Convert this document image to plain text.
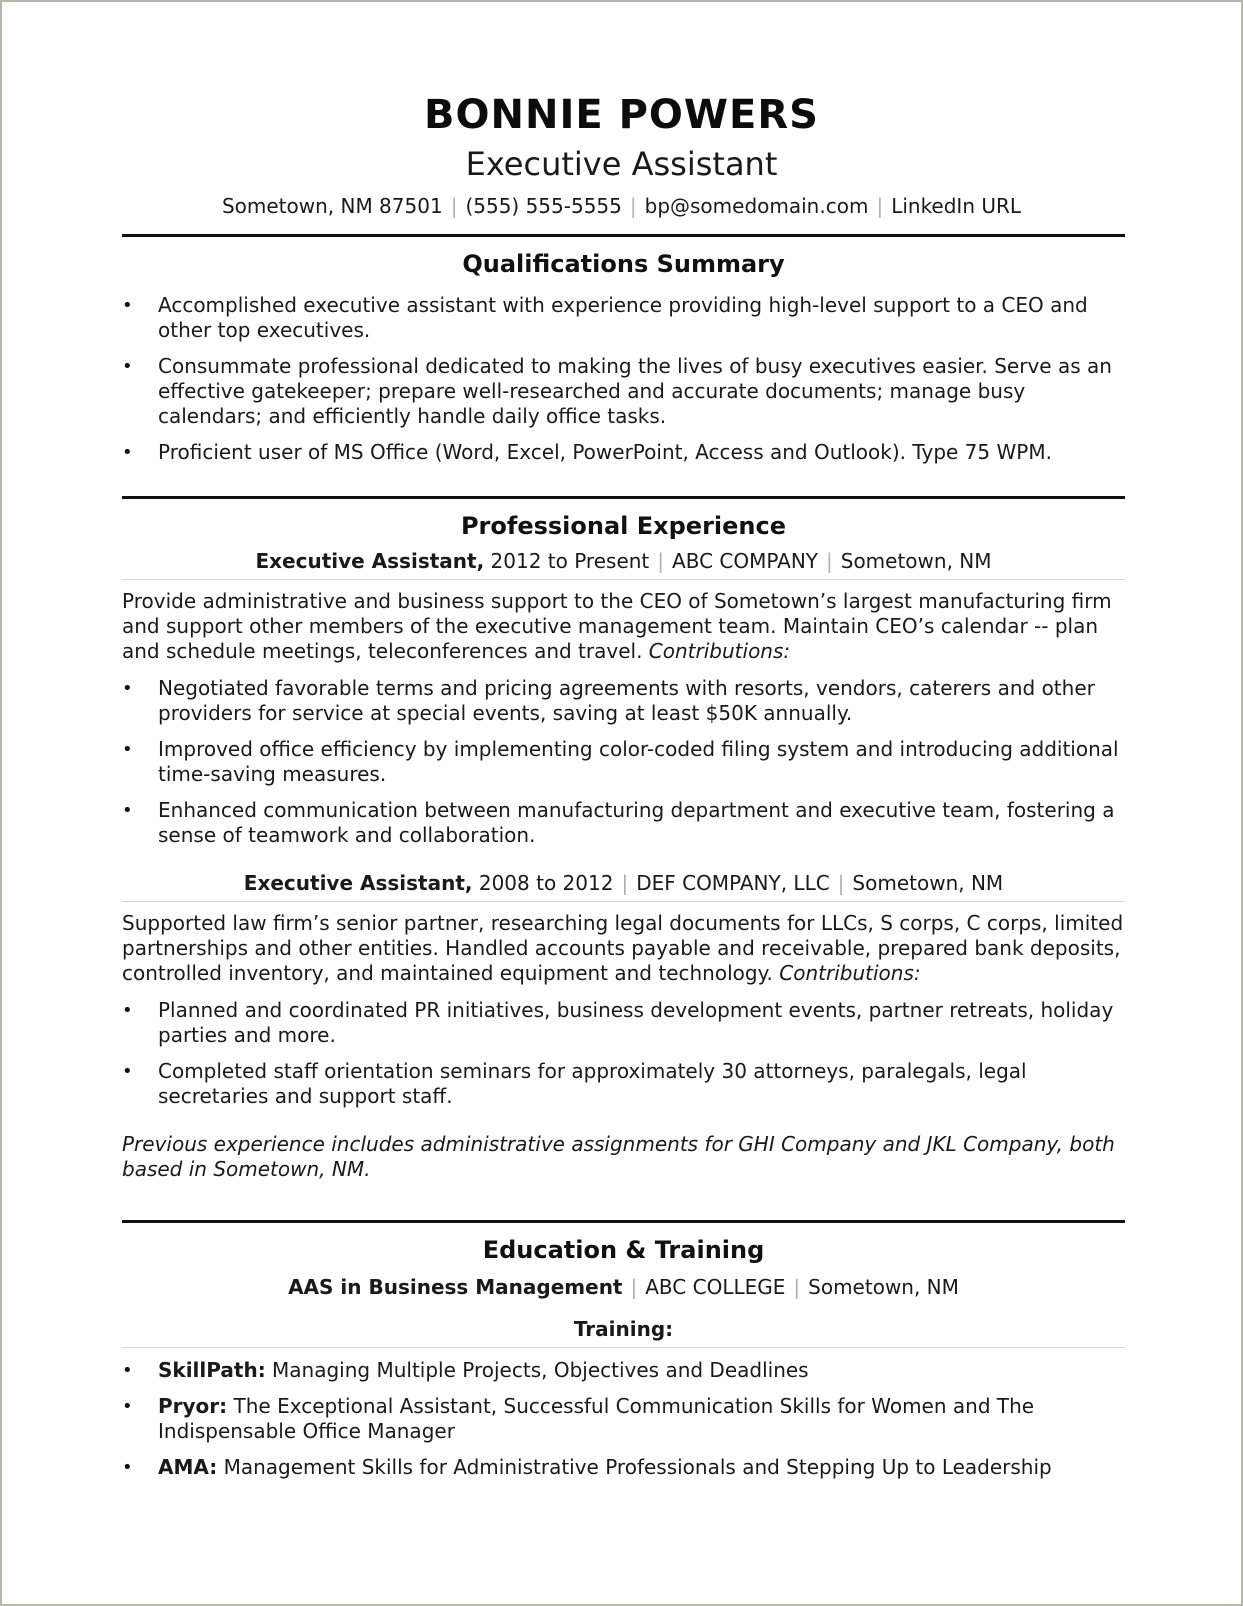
BONNIE POWERS
Executive Assistant
Sometown, NM 87501 | (555) 555-5555 | bp@somedomain.com | LinkedIn URL
Qualifications Summary
• Accomplished executive assistant with experience providing high-level support to a CEO and other top executives.
• Consummate professional dedicated to making the lives of busy executives easier. Serve as an effective gatekeeper; prepare well-researched and accurate documents; manage busy calendars; and efficiently handle daily office tasks.
• Proficient user of MS Office (Word, Excel, PowerPoint, Access and Outlook). Type 75 WPM.
Professional Experience
Executive Assistant, 2012 to Present | ABC COMPANY | Sometown, NM
Provide administrative and business support to the CEO of Sometown’s largest manufacturing firm and support other members of the executive management team. Maintain CEO’s calendar -- plan and schedule meetings, teleconferences and travel. Contributions:
• Negotiated favorable terms and pricing agreements with resorts, vendors, caterers and other providers for service at special events, saving at least $50K annually.
• Improved office efficiency by implementing color-coded filing system and introducing additional time-saving measures.
• Enhanced communication between manufacturing department and executive team, fostering a sense of teamwork and collaboration.
Executive Assistant, 2008 to 2012 | DEF COMPANY, LLC | Sometown, NM
Supported law firm’s senior partner, researching legal documents for LLCs, S corps, C corps, limited partnerships and other entities. Handled accounts payable and receivable, prepared bank deposits, controlled inventory, and maintained equipment and technology. Contributions:
• Planned and coordinated PR initiatives, business development events, partner retreats, holiday parties and more.
• Completed staff orientation seminars for approximately 30 attorneys, paralegals, legal secretaries and support staff.
Previous experience includes administrative assignments for GHI Company and JKL Company, both based in Sometown, NM.
Education & Training
AAS in Business Management | ABC COLLEGE | Sometown, NM
Training:
• SkillPath: Managing Multiple Projects, Objectives and Deadlines
• Pryor: The Exceptional Assistant, Successful Communication Skills for Women and The Indispensable Office Manager
• AMA: Management Skills for Administrative Professionals and Stepping Up to Leadership
